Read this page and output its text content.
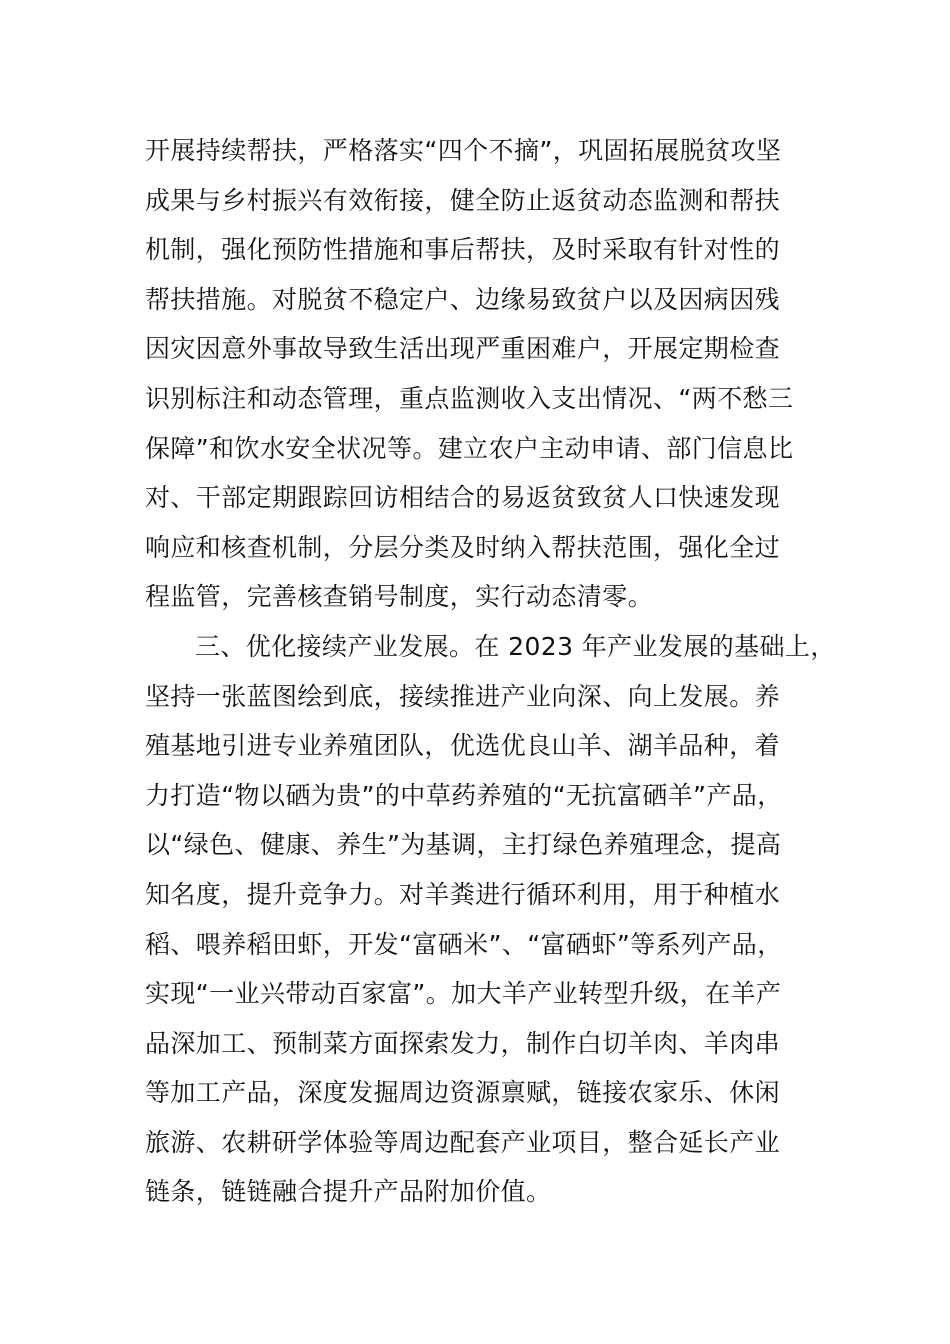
开展持续帮扶，严格落实“四个不摘”，巩固拓展脱贫攻坚
成果与乡村振兴有效衔接，健全防止返贫动态监测和帮扶
机制，强化预防性措施和事后帮扶，及时采取有针对性的
帮扶措施。对脱贫不稳定户、边缘易致贫户以及因病因残
因灾因意外事故导致生活出现严重困难户，开展定期检查
识别标注和动态管理，重点监测收入支出情况、“两不愁三
保障”和饮水安全状况等。建立农户主动申请、部门信息比
对、干部定期跟踪回访相结合的易返贫致贫人口快速发现
响应和核查机制，分层分类及时纳入帮扶范围，强化全过
程监管，完善核查销号制度，实行动态清零。

三、优化接续产业发展。在 2023 年产业发展的基础上，
坚持一张蓝图绘到底，接续推进产业向深、向上发展。养
殖基地引进专业养殖团队，优选优良山羊、湖羊品种，着
力打造“物以硒为贵”的中草药养殖的“无抗富硒羊”产品，
以“绿色、健康、养生”为基调，主打绿色养殖理念，提高
知名度，提升竞争力。对羊粪进行循环利用，用于种植水
稻、喂养稻田虾，开发“富硒米”、“富硒虾”等系列产品，
实现“一业兴带动百家富”。加大羊产业转型升级，在羊产
品深加工、预制菜方面探索发力，制作白切羊肉、羊肉串
等加工产品，深度发掘周边资源禀赋，链接农家乐、休闲
旅游、农耕研学体验等周边配套产业项目，整合延长产业
链条，链链融合提升产品附加价值。
